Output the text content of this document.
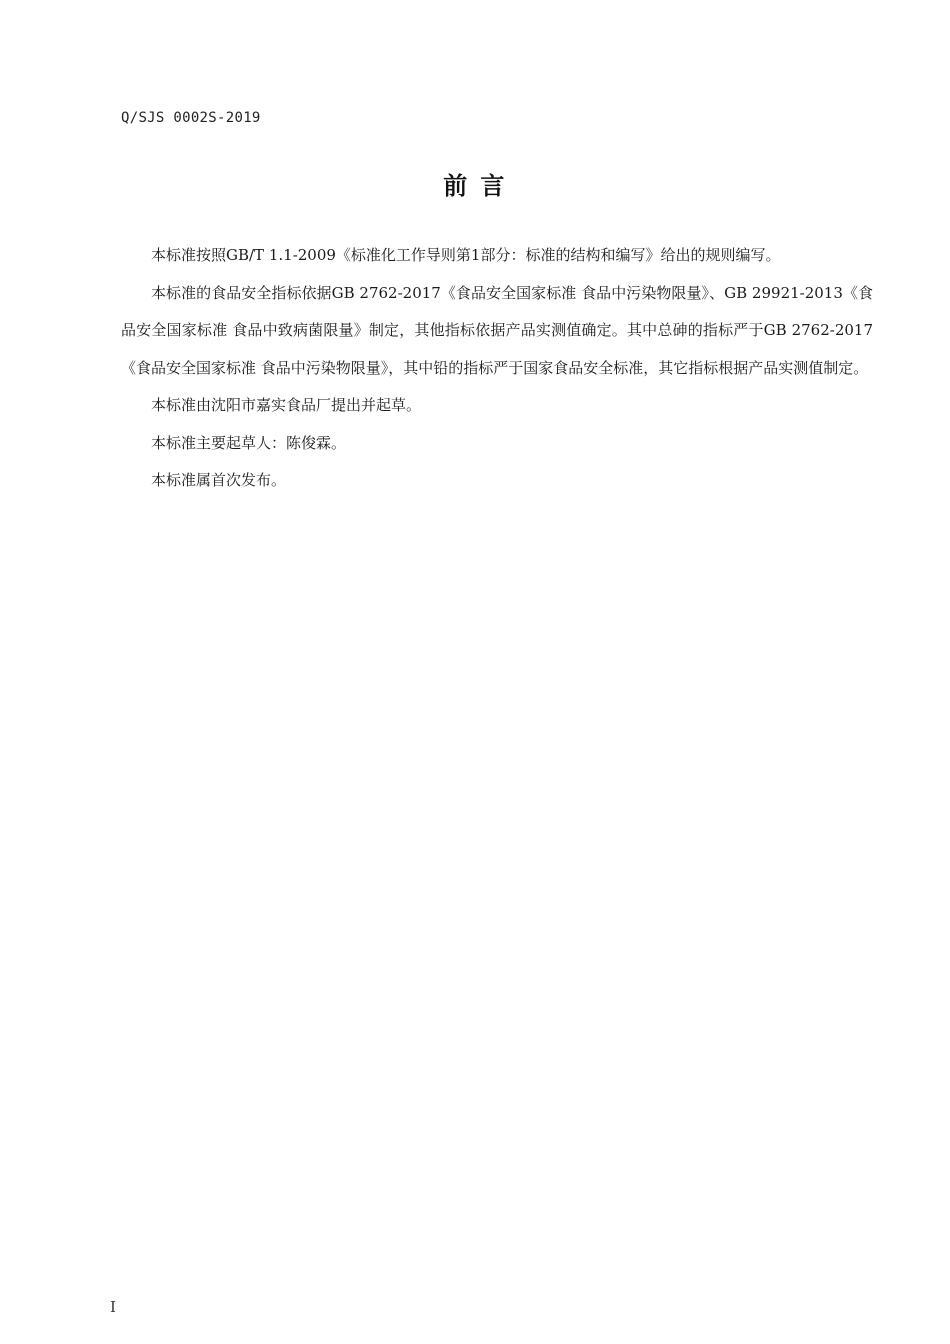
Q/SJS 0002S-2019
前 言

本标准按照GB/T 1.1-2009《标准化工作导则第1部分：标准的结构和编写》给出的规则编写。

本标准的食品安全指标依据GB 2762-2017《食品安全国家标准 食品中污染物限量》、GB 29921-2013《食品安全国家标准 食品中致病菌限量》制定，其他指标依据产品实测值确定。其中总砷的指标严于GB 2762-2017《食品安全国家标准 食品中污染物限量》，其中铅的指标严于国家食品安全标准，其它指标根据产品实测值制定。

本标准由沈阳市嘉实食品厂提出并起草。

本标准主要起草人：陈俊霖。

本标准属首次发布。

I
